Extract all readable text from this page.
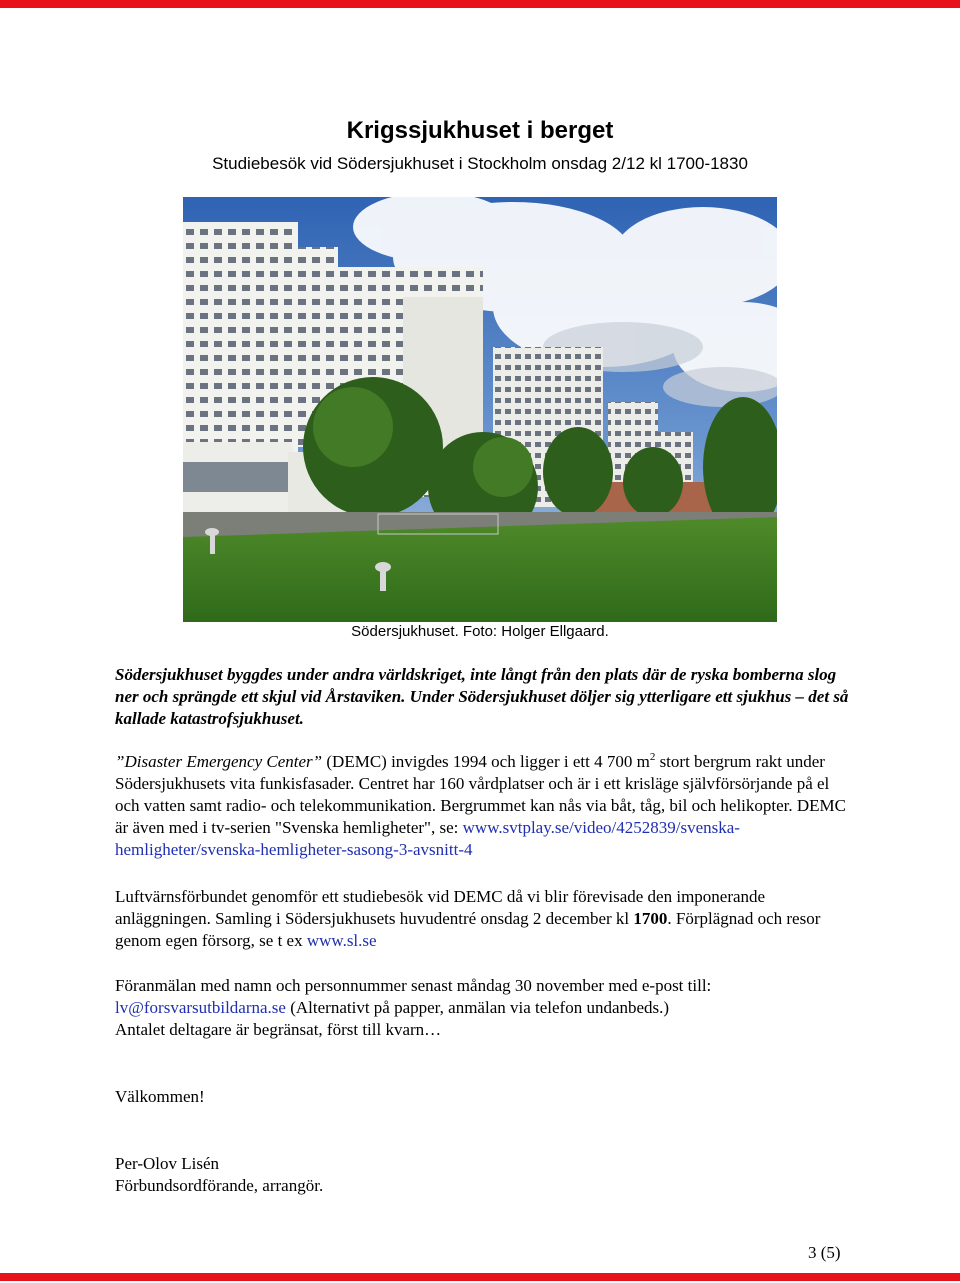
Krigssjukhuset i berget
Studiebesök vid Södersjukhuset i Stockholm onsdag 2/12 kl 1700-1830
Södersjukhuset. Foto: Holger Ellgaard.

Södersjukhuset byggdes under andra världskriget, inte långt från den plats där de ryska bomberna slog ner och sprängde ett skjul vid Årstaviken. Under Södersjukhuset döljer sig ytterligare ett sjukhus – det så kallade katastrofsjukhuset.

”Disaster Emergency Center” (DEMC) invigdes 1994 och ligger i ett 4 700 $m^2$ stort bergrum rakt under Södersjukhusets vita funkisfasader. Centret har 160 vårdplatser och är i ett krisläge självförsörjande på el och vatten samt radio- och telekommunikation. Bergrummet kan nås via båt, tåg, bil och helikopter. DEMC är även med i tv-serien "Svenska hemligheter", se: www.svtplay.se/video/4252839/svenska-hemligheter/svenska-hemligheter-sasong-3-avsnitt-4

Luftvärnsförbundet genomför ett studiebesök vid DEMC då vi blir förevisade den imponerande anläggningen. Samling i Södersjukhusets huvudentré onsdag 2 december kl 1700. Förplägnad och resor genom egen försorg, se t ex www.sl.se

Föranmälan med namn och personnummer senast måndag 30 november med e-post till: lv@forsvarsutbildarna.se (Alternativt på papper, anmälan via telefon undanbeds.)

Antalet deltagare är begränsat, först till kvarn…

Välkommen!

Per-Olov Lisén

Förbundsordförande, arrangör.

3 (5)
